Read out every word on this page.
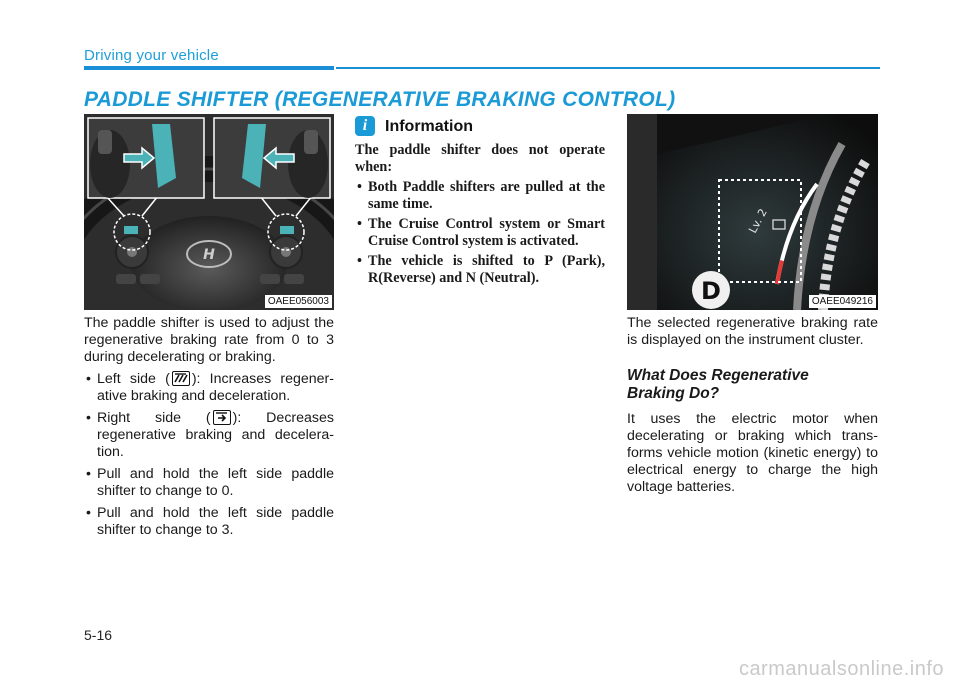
Driving your vehicle
PADDLE SHIFTER (REGENERATIVE BRAKING CONTROL)
H
OAEE056003
Lv. 2
D	OAEE049216

The paddle shifter is used to adjust the regenerative braking rate from 0 to 3 during decelerating or braking.

• Left side ( ): Increases regener-ative braking and deceleration.
• Right side ( ): Decreases regenerative braking and decelera-tion.
• Pull and hold the left side paddle shifter to change to 0.
• Pull and hold the left side paddle shifter to change to 3.
i	Information

The paddle shifter does not operate when:

• Both Paddle shifters are pulled at the same time.
• The Cruise Control system or Smart Cruise Control system is activated.
• The vehicle is shifted to P (Park), R(Reverse) and N (Neutral).

The selected regenerative braking rate is displayed on the instrument cluster.

What Does Regenerative Braking Do?

It uses the electric motor when decelerating or braking which trans-forms vehicle motion (kinetic energy) to electrical energy to charge the high voltage batteries.

5-16
carmanualsonline.info
